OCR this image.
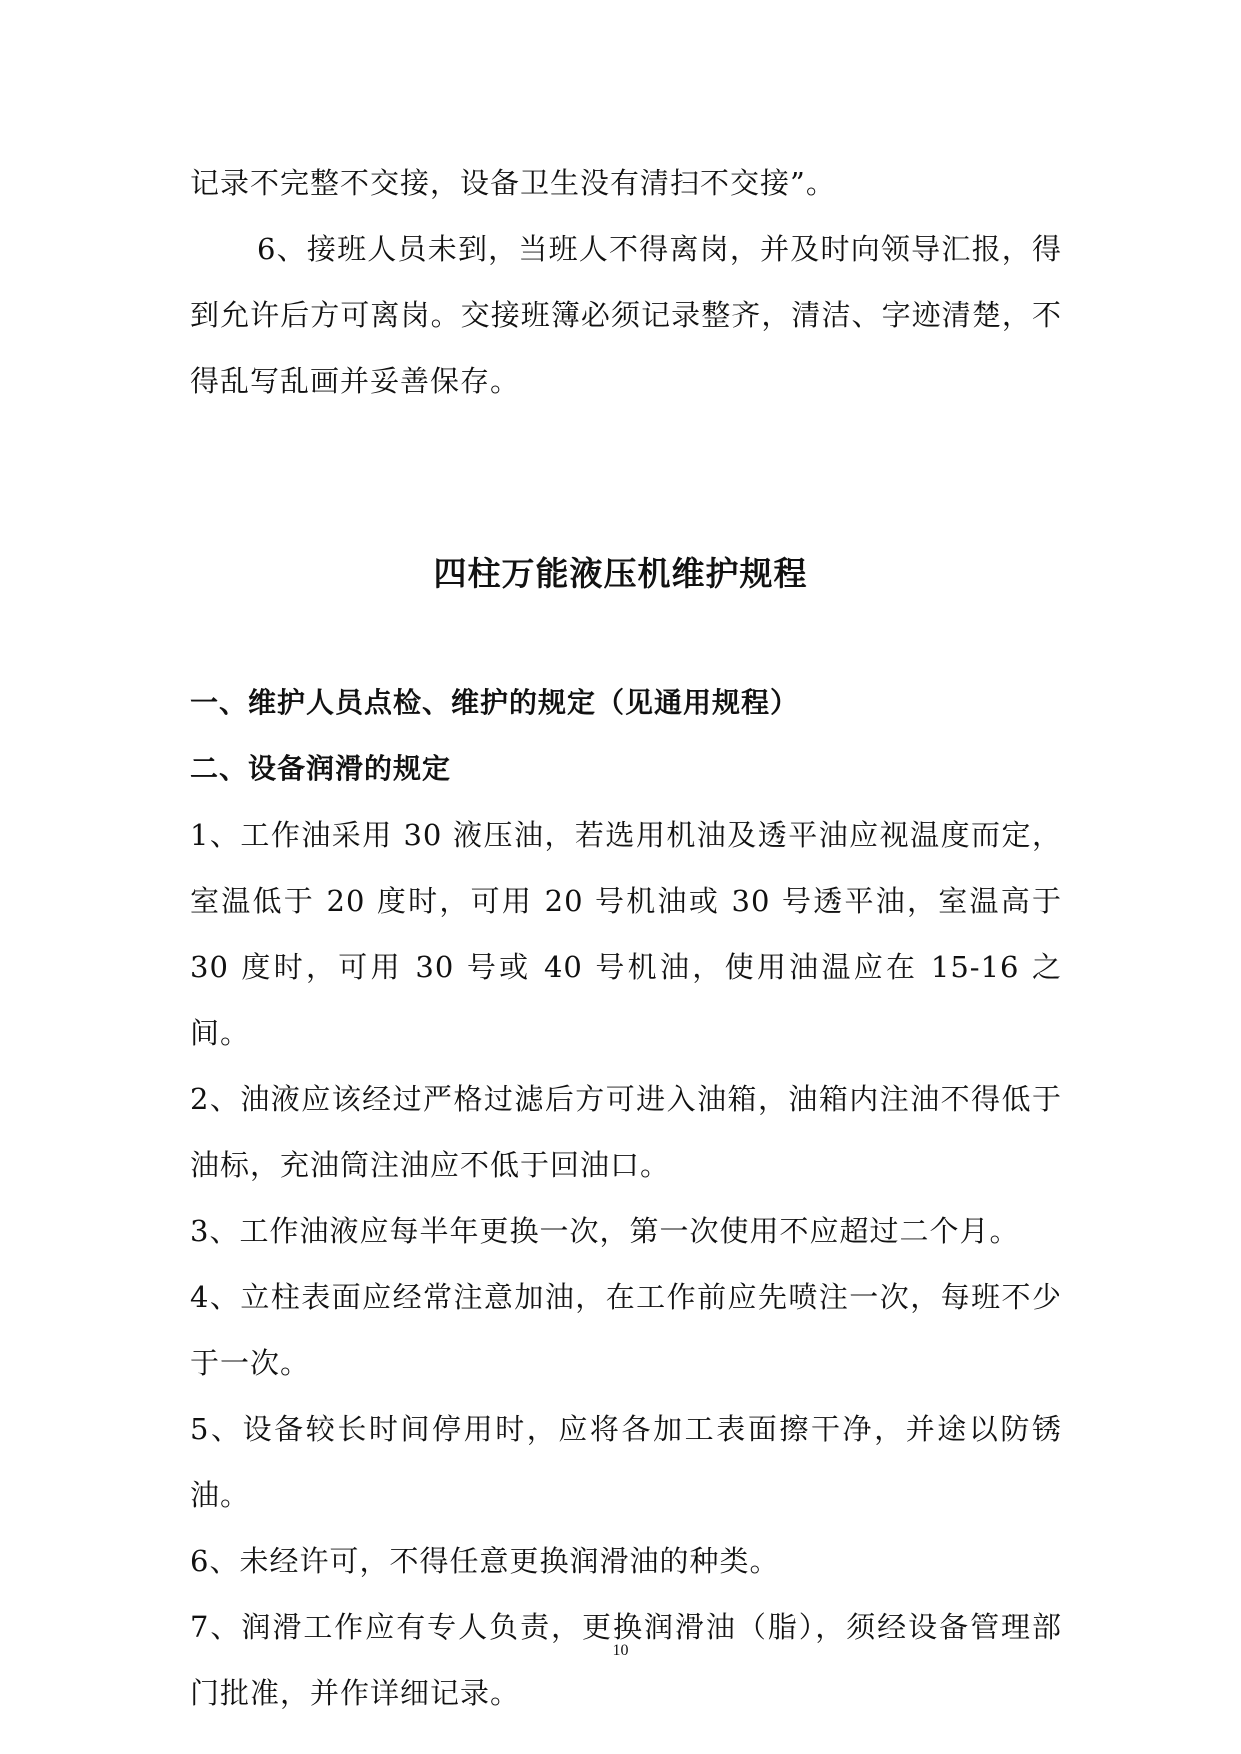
记录不完整不交接，设备卫生没有清扫不交接”。

6、接班人员未到，当班人不得离岗，并及时向领导汇报，得到允许后方可离岗。交接班簿必须记录整齐，清洁、字迹清楚，不得乱写乱画并妥善保存。

四柱万能液压机维护规程
一、维护人员点检、维护的规定（见通用规程）
二、设备润滑的规定

1、工作油采用 30 液压油，若选用机油及透平油应视温度而定，室温低于 20 度时，可用 20 号机油或 30 号透平油，室温高于 30 度时，可用 30 号或 40 号机油，使用油温应在 15-16 之间。

2、油液应该经过严格过滤后方可进入油箱，油箱内注油不得低于油标，充油筒注油应不低于回油口。

3、工作油液应每半年更换一次，第一次使用不应超过二个月。

4、立柱表面应经常注意加油，在工作前应先喷注一次，每班不少于一次。

5、设备较长时间停用时，应将各加工表面擦干净，并途以防锈油。

6、未经许可，不得任意更换润滑油的种类。

7、润滑工作应有专人负责，更换润滑油（脂），须经设备管理部门批准，并作详细记录。

10
